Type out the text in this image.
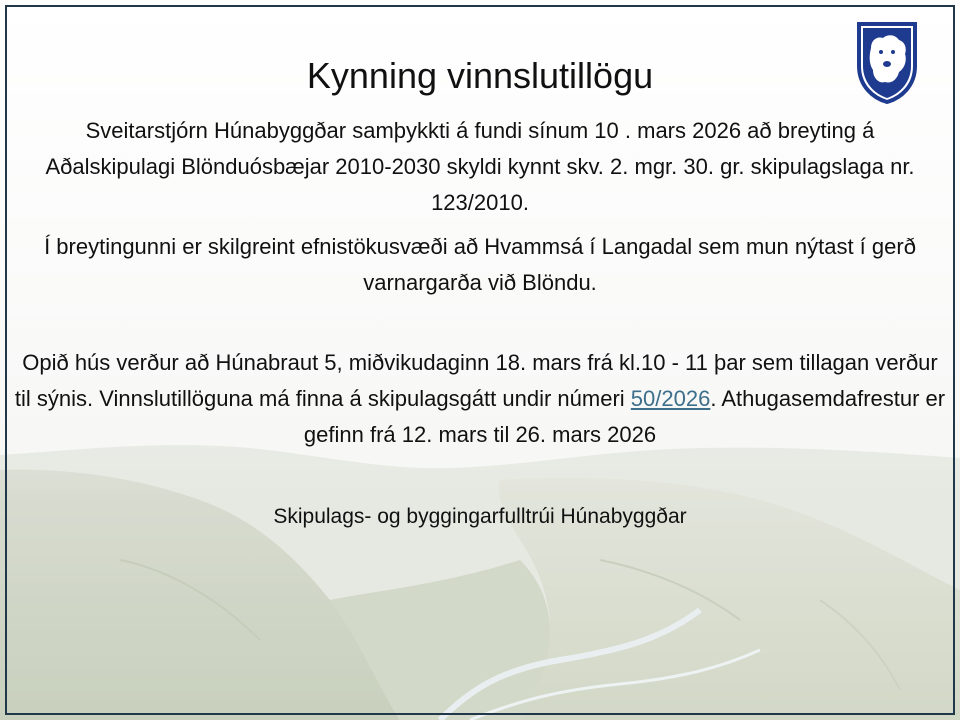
Kynning vinnslutillögu

Sveitarstjórn Húnabyggðar samþykkti á fundi sínum 10 . mars 2026 að breyting á Aðalskipulagi Blönduósbæjar 2010-2030 skyldi kynnt skv. 2. mgr. 30. gr. skipulagslaga nr. 123/2010.

Í breytingunni er skilgreint efnistökusvæði að Hvammsá í Langadal sem mun nýtast í gerð varnargarða við Blöndu.

Opið hús verður að Húnabraut 5, miðvikudaginn 18. mars frá kl.10 - 11 þar sem tillagan verður til sýnis. Vinnslutillöguna má finna á skipulagsgátt undir númeri 50/2026. Athugasemdafrestur er gefinn frá 12. mars til 26. mars 2026

Skipulags- og byggingarfulltrúi Húnabyggðar
